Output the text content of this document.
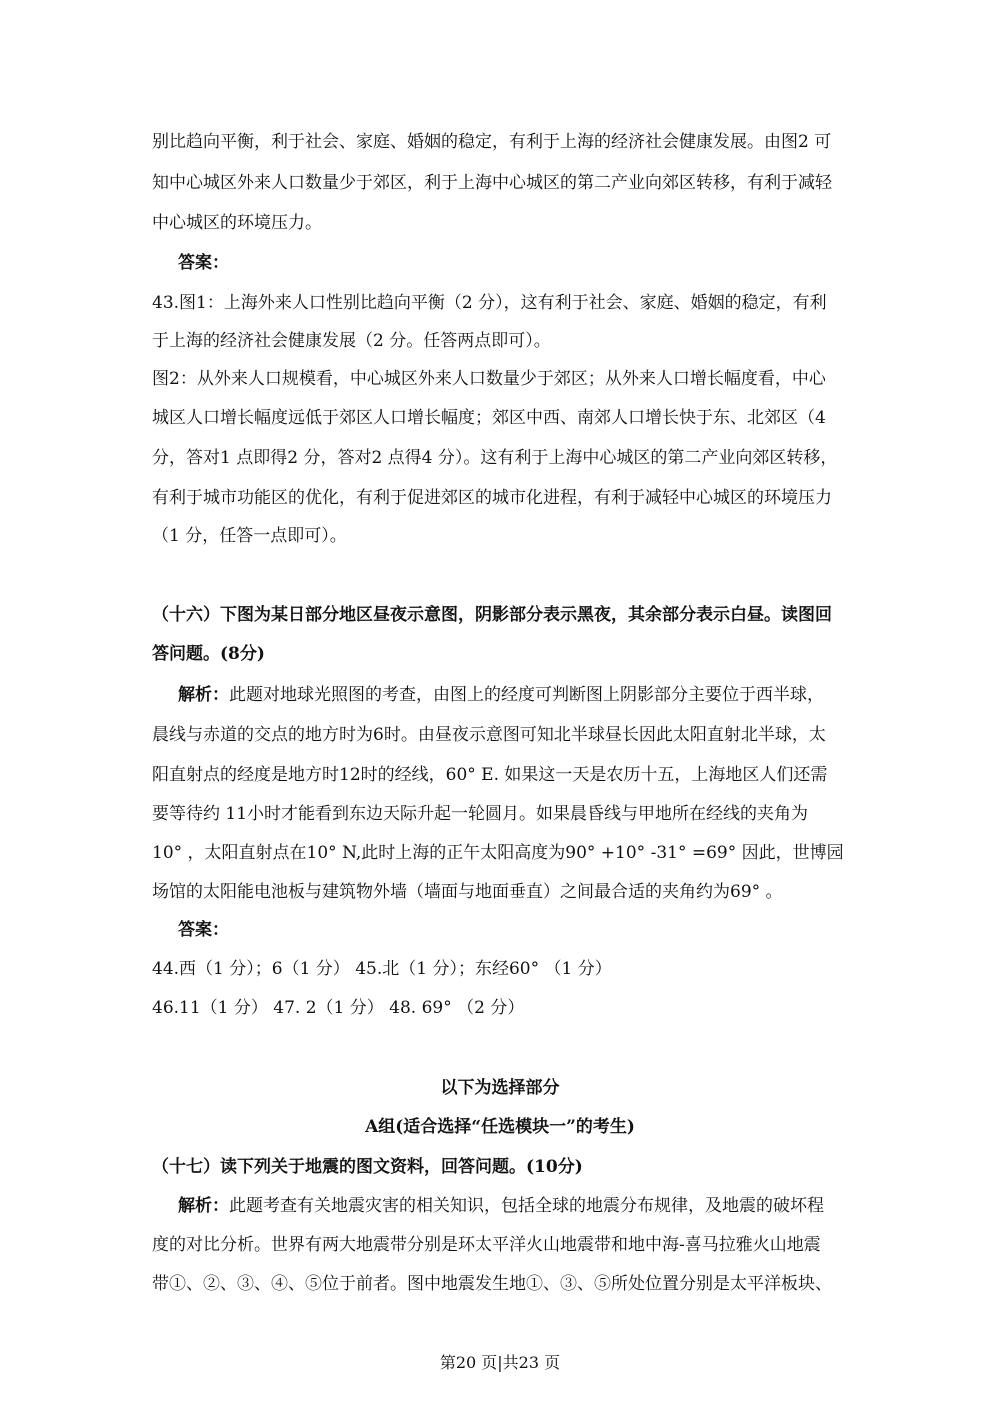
别比趋向平衡，利于社会、家庭、婚姻的稳定，有利于上海的经济社会健康发展。由图2 可
知中心城区外来人口数量少于郊区，利于上海中心城区的第二产业向郊区转移，有利于减轻
中心城区的环境压力。
答案：
43.图1：上海外来人口性别比趋向平衡（2 分），这有利于社会、家庭、婚姻的稳定，有利
于上海的经济社会健康发展（2 分。任答两点即可）。
图2：从外来人口规模看，中心城区外来人口数量少于郊区；从外来人口增长幅度看，中心
城区人口增长幅度远低于郊区人口增长幅度；郊区中西、南郊人口增长快于东、北郊区（4
分，答对1 点即得2 分，答对2 点得4 分）。这有利于上海中心城区的第二产业向郊区转移，
有利于城市功能区的优化，有利于促进郊区的城市化进程，有利于减轻中心城区的环境压力
（1 分，任答一点即可）。
（十六）下图为某日部分地区昼夜示意图，阴影部分表示黑夜，其余部分表示白昼。读图回
答问题。(8分)
解析：此题对地球光照图的考查，由图上的经度可判断图上阴影部分主要位于西半球，
晨线与赤道的交点的地方时为6时。由昼夜示意图可知北半球昼长因此太阳直射北半球，太
阳直射点的经度是地方时12时的经线，60° E. 如果这一天是农历十五，上海地区人们还需
要等待约 11小时才能看到东边天际升起一轮圆月。如果晨昏线与甲地所在经线的夹角为
10° ，太阳直射点在10° N,此时上海的正午太阳高度为90° +10° -31° =69° 因此，世博园
场馆的太阳能电池板与建筑物外墙（墙面与地面垂直）之间最合适的夹角约为69° 。
答案：
44.西（1 分）；6（1 分） 45.北（1 分）；东经60° （1 分）
46.11（1 分） 47. 2（1 分） 48. 69° （2 分）
以下为选择部分
A组(适合选择“任选模块一”的考生)
（十七）读下列关于地震的图文资料，回答问题。(10分)
解析：此题考查有关地震灾害的相关知识，包括全球的地震分布规律，及地震的破坏程
度的对比分析。世界有两大地震带分别是环太平洋火山地震带和地中海-喜马拉雅火山地震
带①、②、③、④、⑤位于前者。图中地震发生地①、③、⑤所处位置分别是太平洋板块、
第20 页|共23 页
